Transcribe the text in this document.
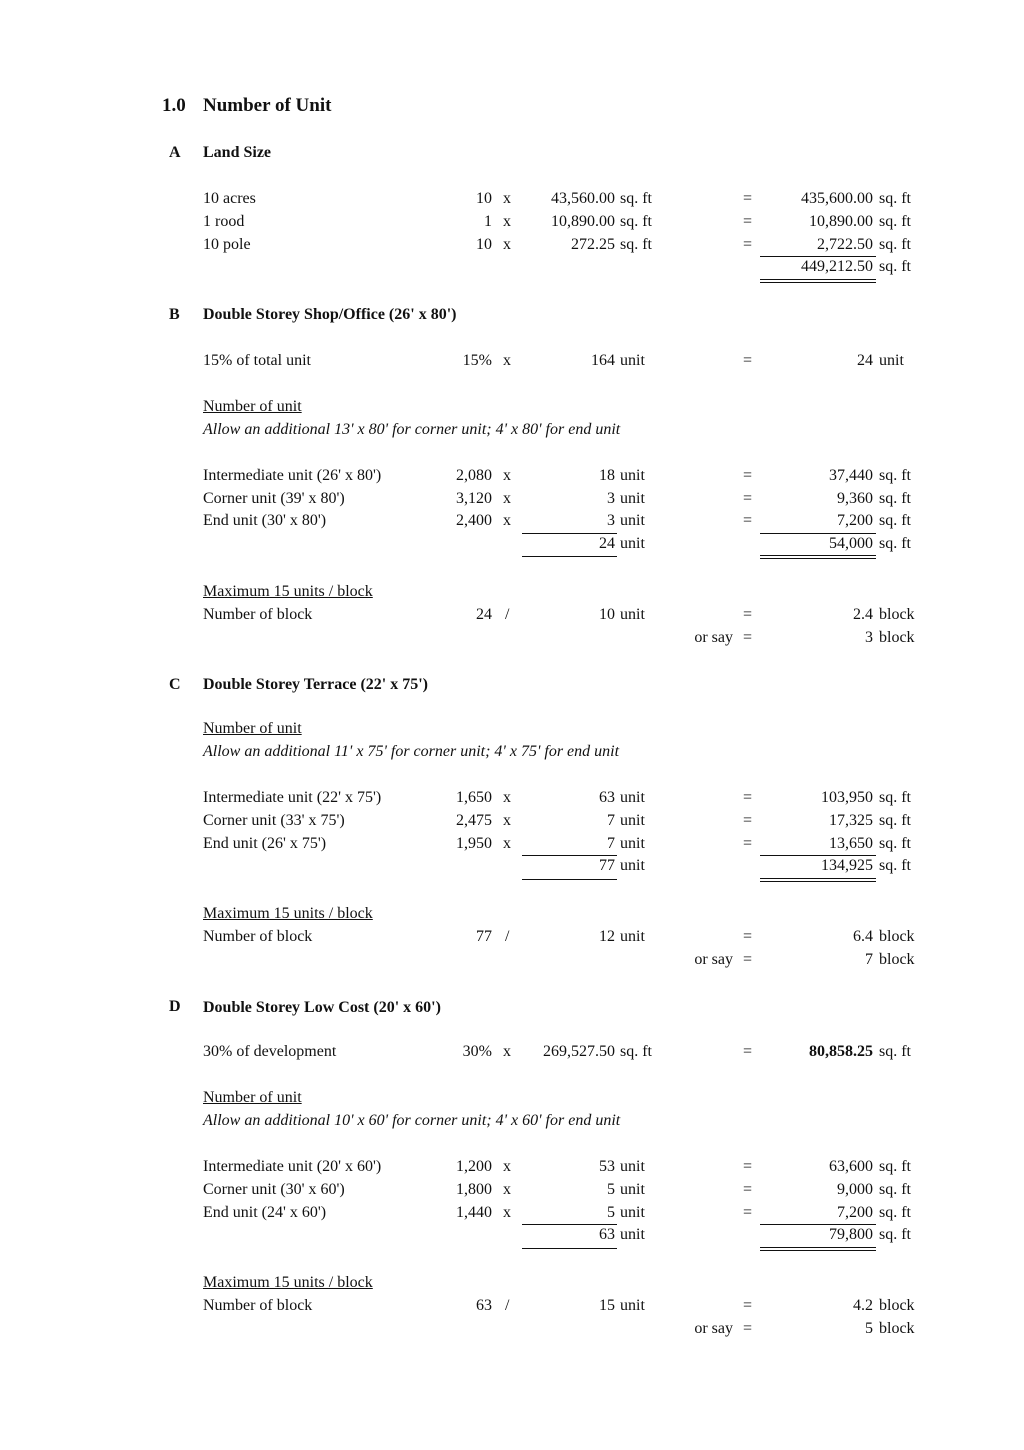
1.0 Number of Unit
A Land Size
10 acres	10 x	43,560.00 sq. ft	=	435,600.00 sq. ft
1 rood	1 x	10,890.00 sq. ft	=	10,890.00 sq. ft
10 pole	10 x	272.25 sq. ft	=	2,722.50 sq. ft
449,212.50 sq. ft
B Double Storey Shop/Office (26' x 80')
15% of total unit	15% x	164 unit	=	24 unit
Number of unit
Allow an additional 13' x 80' for corner unit; 4' x 80' for end unit
Intermediate unit (26' x 80')	2,080 x	18 unit	=	37,440 sq. ft
Corner unit (39' x 80')	3,120 x	3 unit	=	9,360 sq. ft
End unit (30' x 80')	2,400 x	3 unit	=	7,200 sq. ft
24 unit	54,000 sq. ft
Maximum 15 units / block
Number of block	24 /	10 unit	=	2.4 block
or say =	3 block
C Double Storey Terrace (22' x 75')
Number of unit
Allow an additional 11' x 75' for corner unit; 4' x 75' for end unit
Intermediate unit (22' x 75')	1,650 x	63 unit	=	103,950 sq. ft
Corner unit (33' x 75')	2,475 x	7 unit	=	17,325 sq. ft
End unit (26' x 75')	1,950 x	7 unit	=	13,650 sq. ft
77 unit	134,925 sq. ft
Maximum 15 units / block
Number of block	77 /	12 unit	=	6.4 block
or say =	7 block
D Double Storey Low Cost (20' x 60')
30% of development	30% x	269,527.50 sq. ft	=	80,858.25 sq. ft
Number of unit
Allow an additional 10' x 60' for corner unit; 4' x 60' for end unit
Intermediate unit (20' x 60')	1,200 x	53 unit	=	63,600 sq. ft
Corner unit (30' x 60')	1,800 x	5 unit	=	9,000 sq. ft
End unit (24' x 60')	1,440 x	5 unit	=	7,200 sq. ft
63 unit	79,800 sq. ft
Maximum 15 units / block
Number of block	63 /	15 unit	=	4.2 block
or say =	5 block
